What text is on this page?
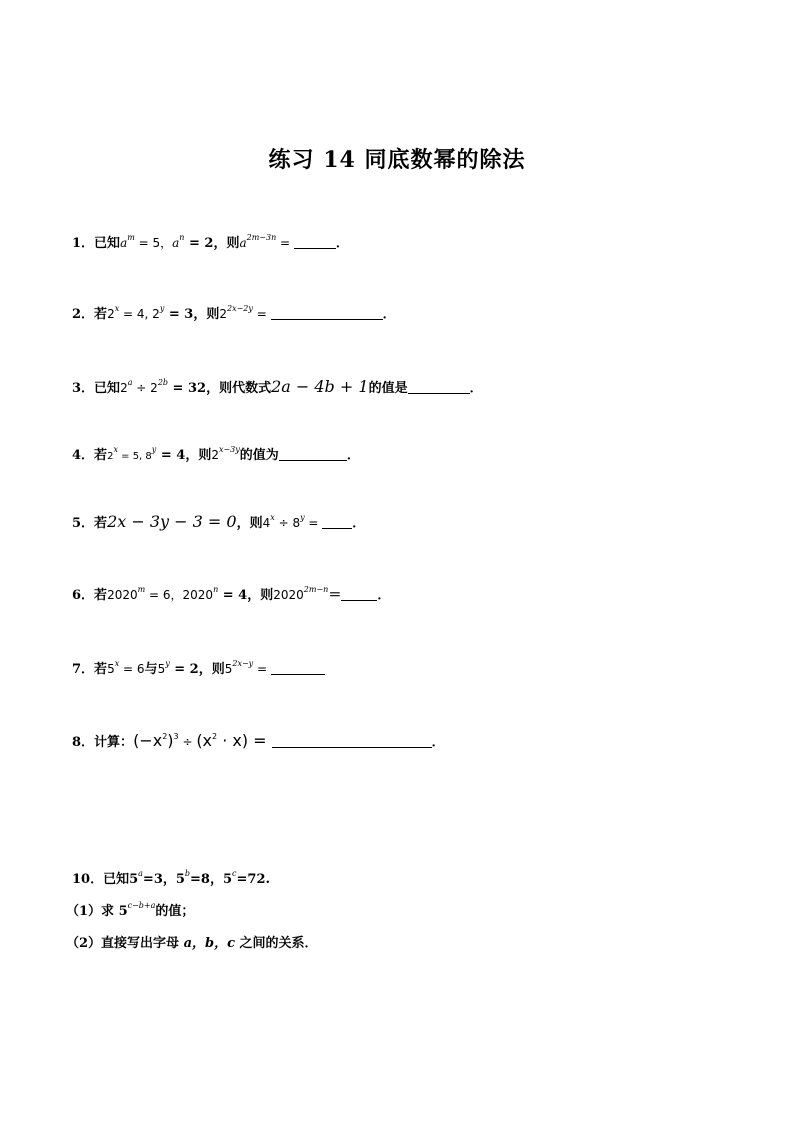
练习 14 同底数幂的除法
1．已知$a^m = 5$，$a^n = 2$，则$a^{2m-3n}$ =	．
2．若$2^x = 4$, $2^y = 3$，则$2^{2x-2y}$ =	．
3．已知$2^a \div 2^{2b} = 32$，则代数式2a − 4b + 1的值是	．
4．若$2^x = 5$, $8^y = 4$，则$2^{x-3y}$的值为	．
5．若2x − 3y − 3 = 0，则$4^x \div 8^y$ = ．
6．若$2020^m = 6$，$2020^n = 4$，则$2020^{2m-n}=$	．
7．若$5^x = 6$与$5^y = 2$，则$5^{2x-y}$ =
8．计算：$(-x^2)^3 \div (x^2 \cdot x)$ =	．
10．已知$5^a=3$，$5^b=8$，$5^c=72$.
（1）求 $5^{c-b+a}$的值；
（2）直接写出字母 a，b，c 之间的关系．
